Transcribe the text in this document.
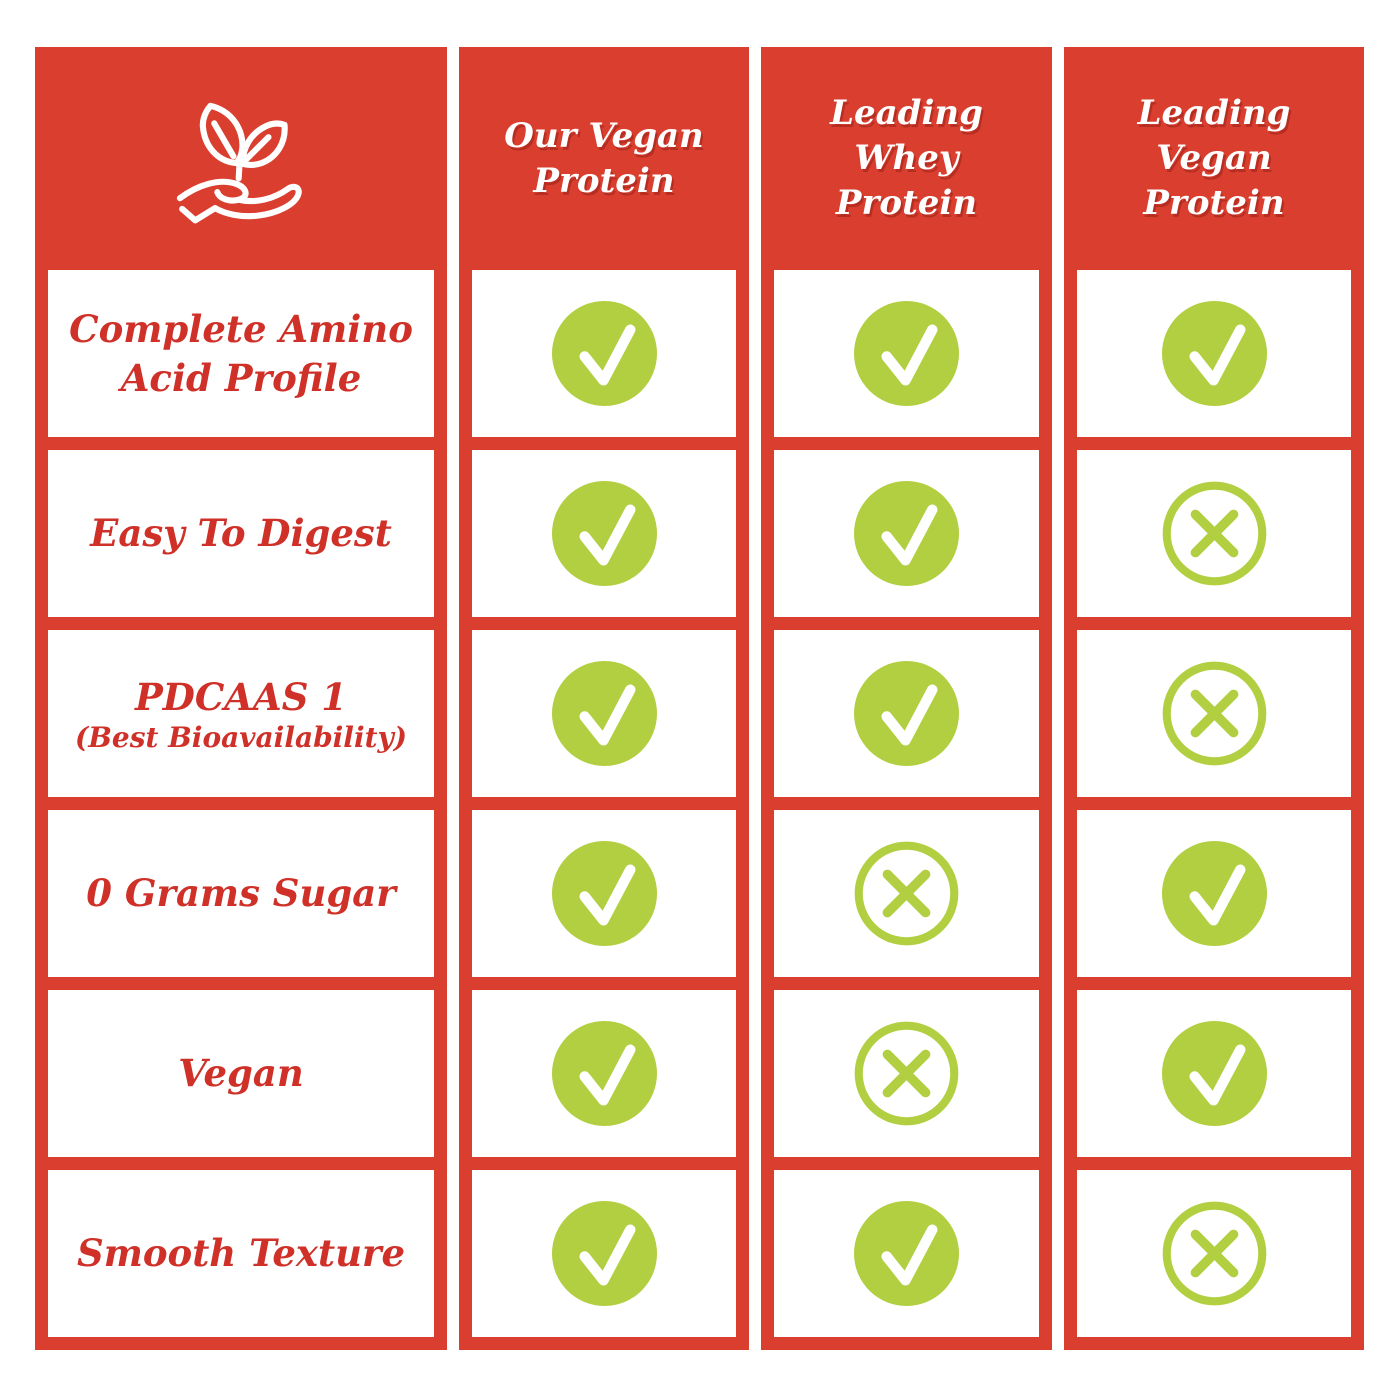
Complete Amino
Acid Profile
Easy To Digest
PDCAAS 1
(Best Bioavailability)
0 Grams Sugar
Vegan
Smooth Texture
Our Vegan
Protein
Leading
Whey
Protein
Leading
Vegan
Protein
